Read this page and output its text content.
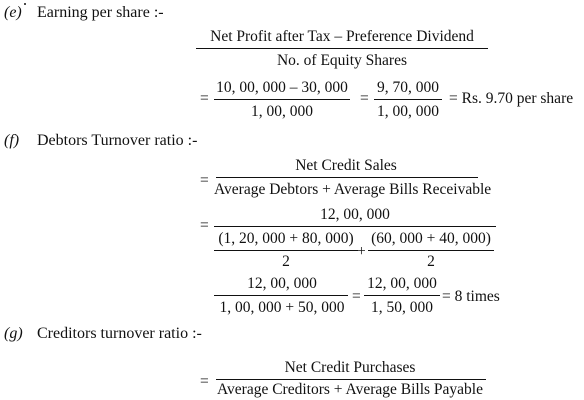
(e) Earning per share :-
Net Profit after Tax – Preference Dividend
No. of Equity Shares
=
10, 00, 000 – 30, 000
1, 00, 000
=
9, 70, 000
1, 00, 000
= Rs. 9.70 per share
(f) Debtors Turnover ratio :-
=
Net Credit Sales
Average Debtors + Average Bills Receivable
=
12, 00, 000
(1, 20, 000 + 80, 000)
2
+
(60, 000 + 40, 000)
2
12, 00, 000
1, 00, 000 + 50, 000
=
12, 00, 000
1, 50, 000
= 8 times
(g) Creditors turnover ratio :-
=
Net Credit Purchases
Average Creditors + Average Bills Payable
